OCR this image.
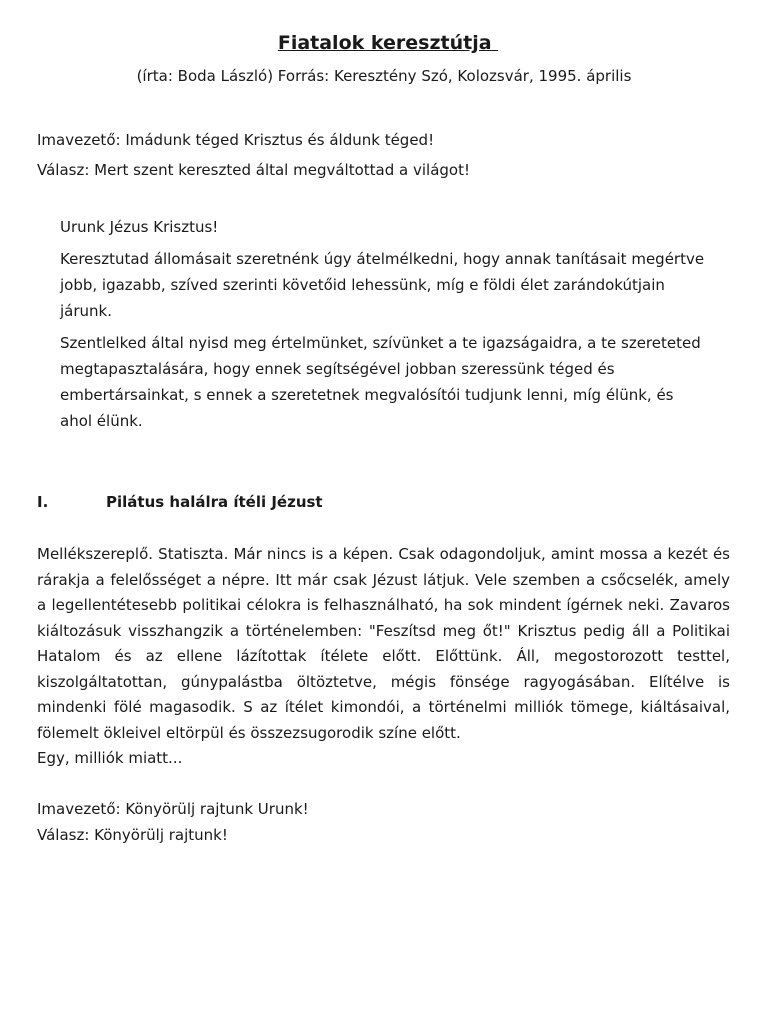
Fiatalok keresztútja
(írta: Boda László) Forrás: Keresztény Szó, Kolozsvár, 1995. április
Imavezető: Imádunk téged Krisztus és áldunk téged!
Válasz: Mert szent kereszted által megváltottad a világot!

Urunk Jézus Krisztus!

Keresztutad állomásait szeretnénk úgy átelmélkedni, hogy annak tanításait megértve jobb, igazabb, szíved szerinti követőid lehessünk, míg e földi élet zarándokútjain járunk.

Szentlelked által nyisd meg értelmünket, szívünket a te igazságaidra, a te szereteted megtapasztalására, hogy ennek segítségével jobban szeressünk téged és embertársainkat, s ennek a szeretetnek megvalósítói tudjunk lenni, míg élünk, és ahol élünk.

I.	Pilátus halálra ítéli Jézust

Mellékszereplő. Statiszta. Már nincs is a képen. Csak odagondoljuk, amint mossa a kezét és rárakja a felelősséget a népre. Itt már csak Jézust látjuk. Vele szemben a csőcselék, amely a legellentétesebb politikai célokra is felhasználható, ha sok mindent ígérnek neki. Zavaros kiáltozásuk visszhangzik a történelemben: "Feszítsd meg őt!" Krisztus pedig áll a Politikai Hatalom és az ellene lázítottak ítélete előtt. Előttünk. Áll, megostorozott testtel, kiszolgáltatottan, gúnypalástba öltöztetve, mégis fönsége ragyogásában. Elítélve is mindenki fölé magasodik. S az ítélet kimondói, a történelmi milliók tömege, kiáltásaival, fölemelt ökleivel eltörpül és összezsugorodik színe előtt.

Egy, milliók miatt...

Imavezető: Könyörülj rajtunk Urunk!
Válasz: Könyörülj rajtunk!
